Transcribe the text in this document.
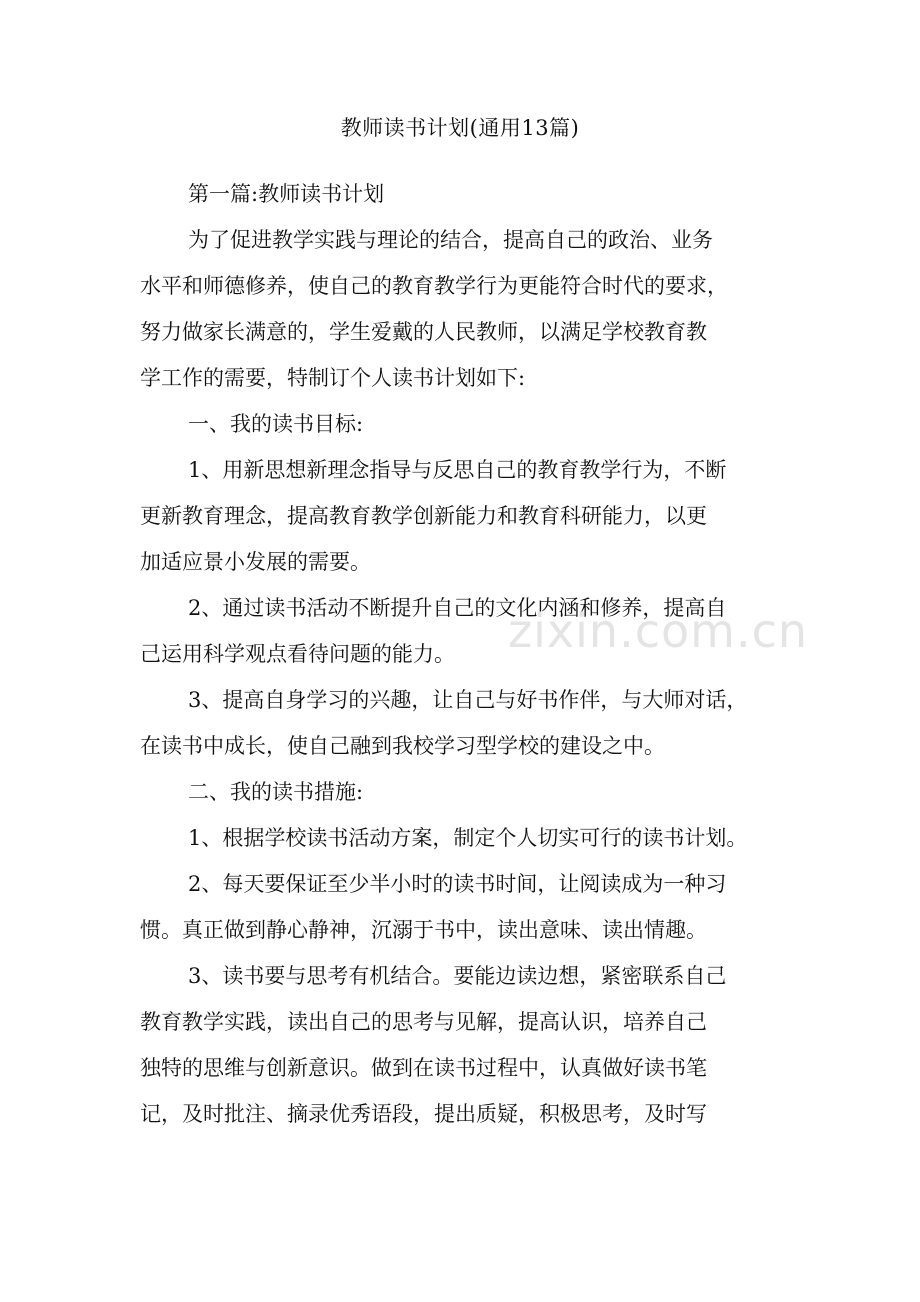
教师读书计划(通用13篇)
第一篇:教师读书计划
为了促进教学实践与理论的结合，提高自己的政治、业务
水平和师德修养，使自己的教育教学行为更能符合时代的要求，
努力做家长满意的，学生爱戴的人民教师，以满足学校教育教
学工作的需要，特制订个人读书计划如下:
一、我的读书目标:
1、用新思想新理念指导与反思自己的教育教学行为，不断
更新教育理念，提高教育教学创新能力和教育科研能力，以更
加适应景小发展的需要。
2、通过读书活动不断提升自己的文化内涵和修养，提高自
己运用科学观点看待问题的能力。
3、提高自身学习的兴趣，让自己与好书作伴，与大师对话，
在读书中成长，使自己融到我校学习型学校的建设之中。
二、我的读书措施:
1、根据学校读书活动方案，制定个人切实可行的读书计划。
2、每天要保证至少半小时的读书时间，让阅读成为一种习
惯。真正做到静心静神，沉溺于书中，读出意味、读出情趣。
3、读书要与思考有机结合。要能边读边想，紧密联系自己
教育教学实践，读出自己的思考与见解，提高认识，培养自己
独特的思维与创新意识。做到在读书过程中，认真做好读书笔
记，及时批注、摘录优秀语段，提出质疑，积极思考，及时写
zixin.com.cn
